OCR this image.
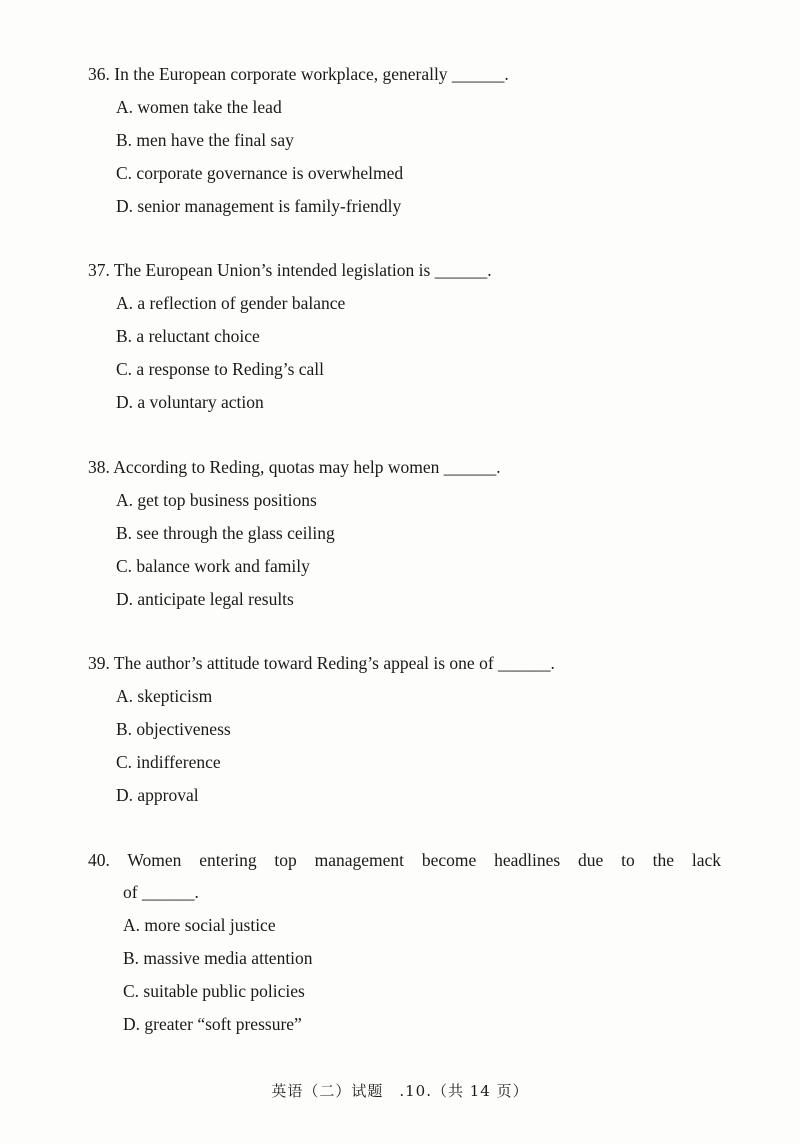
36. In the European corporate workplace, generally ______.
A. women take the lead
B. men have the final say
C. corporate governance is overwhelmed
D. senior management is family-friendly
37. The European Union’s intended legislation is ______.
A. a reflection of gender balance
B. a reluctant choice
C. a response to Reding’s call
D. a voluntary action
38. According to Reding, quotas may help women ______.
A. get top business positions
B. see through the glass ceiling
C. balance work and family
D. anticipate legal results
39. The author’s attitude toward Reding’s appeal is one of ______.
A. skepticism
B. objectiveness
C. indifference
D. approval
40. Women entering top management become headlines due to the lack
of ______.
A. more social justice
B. massive media attention
C. suitable public policies
D. greater “soft pressure”
英语（二）试题　.10.（共 14 页）
